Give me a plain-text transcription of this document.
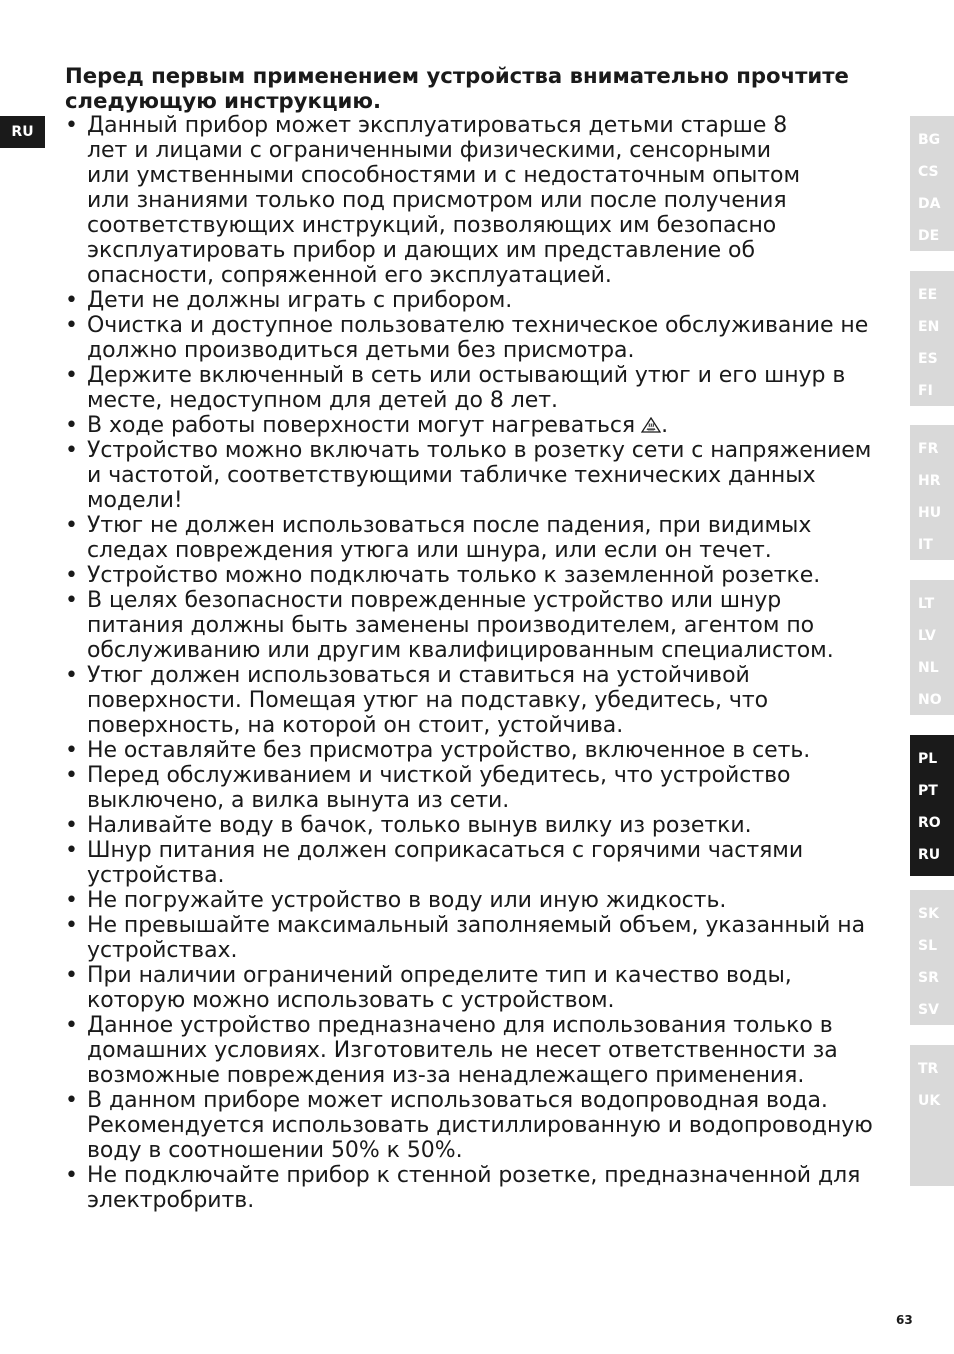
RU
Перед первым применением устройства внимательно прочтите
следующую инструкцию.
• Данный прибор может эксплуатироваться детьми старше 8
лет и лицами с ограниченными физическими, сенсорными
или умственными способностями и с недостаточным опытом
или знаниями только под присмотром или после получения
соответствующих инструкций, позволяющих им безопасно
эксплуатировать прибор и дающих им представление об
опасности, сопряженной его эксплуатацией.
• Дети не должны играть с прибором.
• Очистка и доступное пользователю техническое обслуживание не
должно производиться детьми без присмотра.
• Держите включенный в сеть или остывающий утюг и его шнур в
месте, недоступном для детей до 8 лет.
• В ходе работы поверхности могут нагреваться .
• Устройство можно включать только в розетку сети с напряжением
и частотой, соответствующими табличке технических данных
модели!
• Утюг не должен использоваться после падения, при видимых
следах повреждения утюга или шнура, или если он течет.
• Устройство можно подключать только к заземленной розетке.
• В целях безопасности поврежденные устройство или шнур
питания должны быть заменены производителем, агентом по
обслуживанию или другим квалифицированным специалистом.
• Утюг должен использоваться и ставиться на устойчивой
поверхности. Помещая утюг на подставку, убедитесь, что
поверхность, на которой он стоит, устойчива.
• Не оставляйте без присмотра устройство, включенное в сеть.
• Перед обслуживанием и чисткой убедитесь, что устройство
выключено, а вилка вынута из сети.
• Наливайте воду в бачок, только вынув вилку из розетки.
• Шнур питания не должен соприкасаться с горячими частями
устройства.
• Не погружайте устройство в воду или иную жидкость.
• Не превышайте максимальный заполняемый объем, указанный на
устройствах.
• При наличии ограничений определите тип и качество воды,
которую можно использовать с устройством.
• Данное устройство предназначено для использования только в
домашних условиях. Изготовитель не несет ответственности за
возможные повреждения из-за ненадлежащего применения.
• В данном приборе может использоваться водопроводная вода.
Рекомендуется использовать дистиллированную и водопроводную
воду в соотношении 50% к 50%.
• Не подключайте прибор к стенной розетке, предназначенной для
электробритв.
BG
CS
DA
DE
EE
EN
ES
FI
FR
HR
HU
IT
LT
LV
NL
NO
PL
PT
RO
RU
SK
SL
SR
SV
TR
UK
63
